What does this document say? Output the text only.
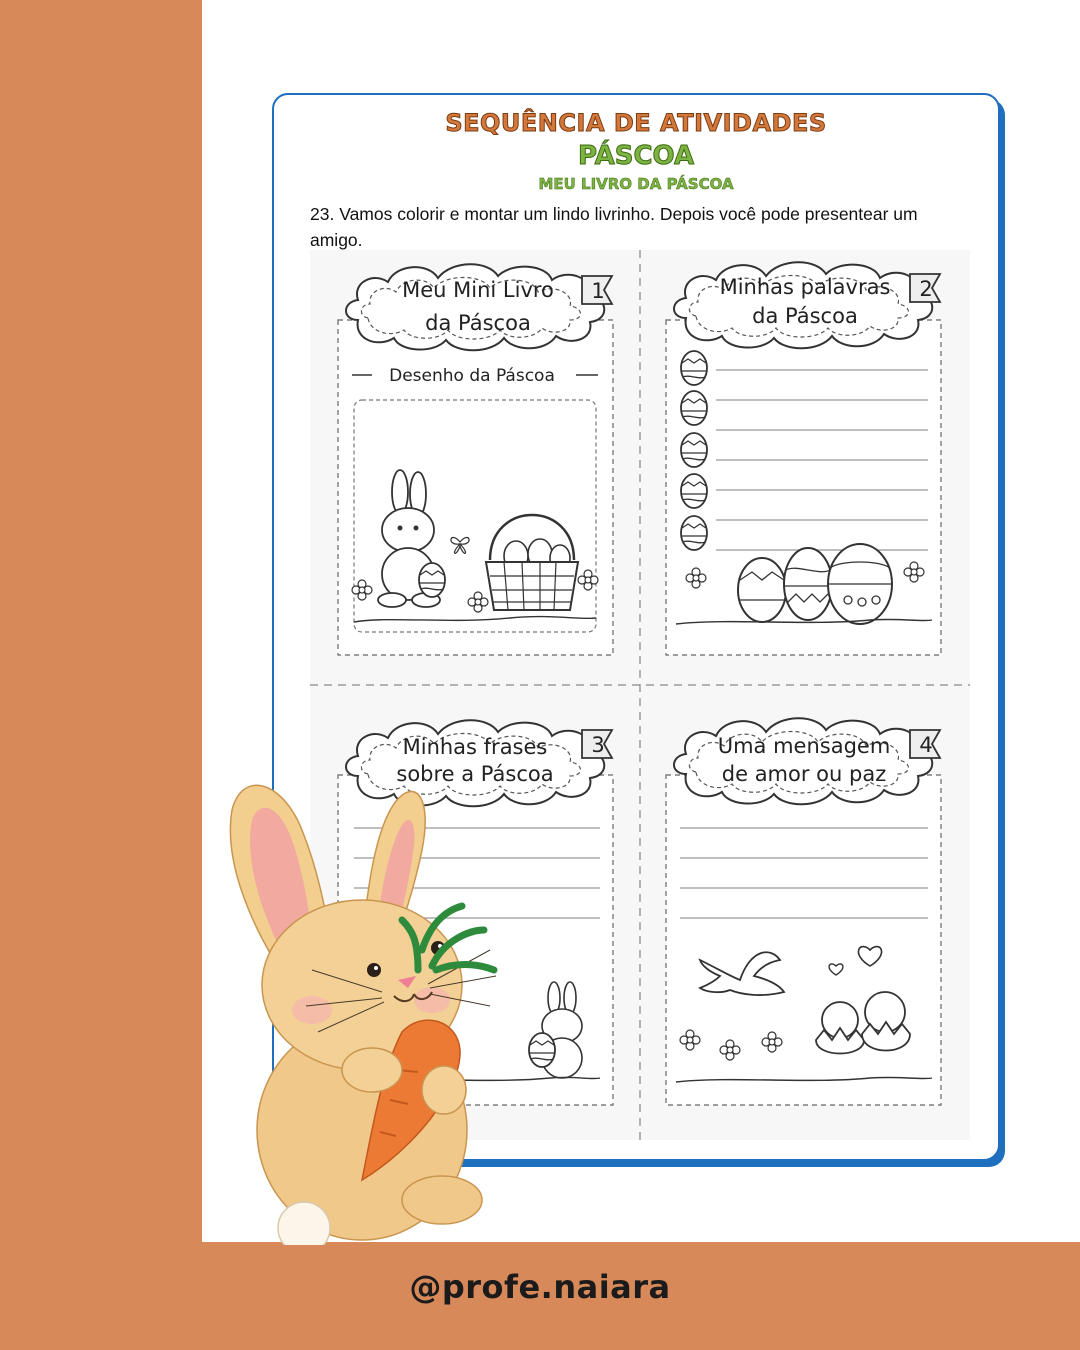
SEQUÊNCIA DE ATIVIDADES
PÁSCOA
MEU LIVRO DA PÁSCOA
23. Vamos colorir e montar um lindo livrinho. Depois você pode presentear um amigo.
Meu Mini Livro
da Páscoa
1
Desenho da Páscoa
Minhas palavras
da Páscoa
2
Minhas frases
sobre a Páscoa
3	Uma mensagem
de amor ou paz
4
@profe.naiara
